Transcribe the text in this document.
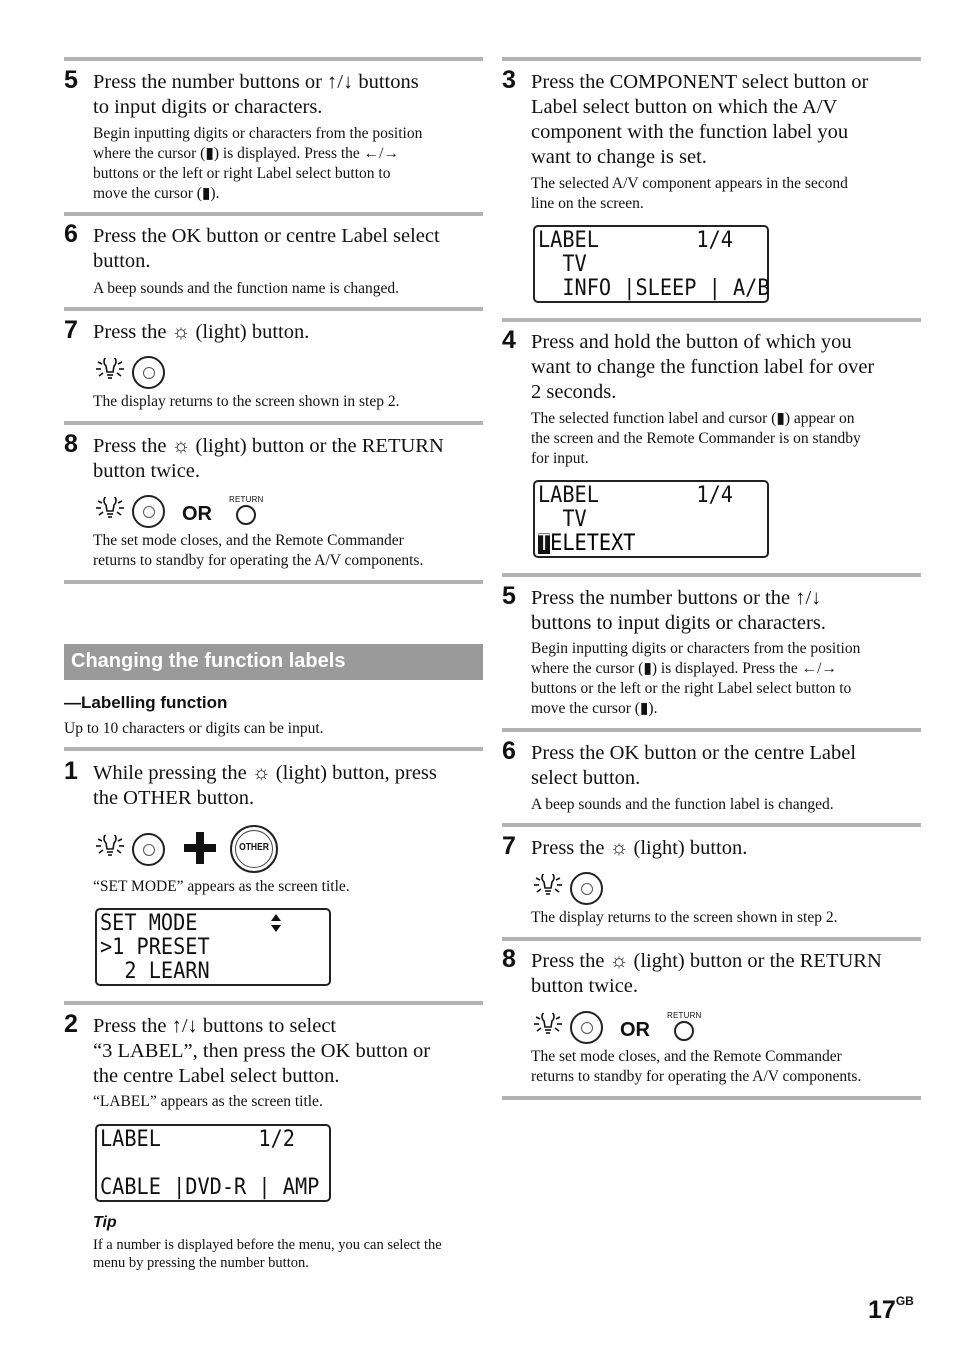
5 Press the number buttons or ↑/↓ buttons
to input digits or characters.
Begin inputting digits or characters from the position
where the cursor (▮) is displayed. Press the ←/→
buttons or the left or right Label select button to
move the cursor (▮).
6 Press the OK button or centre Label select
button.
A beep sounds and the function name is changed.
7 Press the ☼ (light) button.
The display returns to the screen shown in step 2.
8 Press the ☼ (light) button or the RETURN
button twice.
OR
RETURN
The set mode closes, and the Remote Commander
returns to standby for operating the A/V components.
Changing the function labels
—Labelling function
Up to 10 characters or digits can be input.
1 While pressing the ☼ (light) button, press
the OTHER button.
OTHER
“SET MODE” appears as the screen title.
SET MODE
>1 PRESET
2 LEARN
2 Press the ↑/↓ buttons to select
“3 LABEL”, then press the OK button or
the centre Label select button.
“LABEL” appears as the screen title.
LABEL        1/2
CABLE |DVD-R | AMP
Tip
If a number is displayed before the menu, you can select the
menu by pressing the number button.
3 Press the COMPONENT select button or
Label select button on which the A/V
component with the function label you
want to change is set.
The selected A/V component appears in the second
line on the screen.
LABEL        1/4
TV
INFO |SLEEP | A/B
4 Press and hold the button of which you
want to change the function label for over
2 seconds.
The selected function label and cursor (▮) appear on
the screen and the Remote Commander is on standby
for input.
LABEL        1/4
TV
TELETEXT
5 Press the number buttons or the ↑/↓
buttons to input digits or characters.
Begin inputting digits or characters from the position
where the cursor (▮) is displayed. Press the ←/→
buttons or the left or the right Label select button to
move the cursor (▮).
6 Press the OK button or the centre Label
select button.
A beep sounds and the function label is changed.
7 Press the ☼ (light) button.
The display returns to the screen shown in step 2.
8 Press the ☼ (light) button or the RETURN
button twice.
OR
RETURN
The set mode closes, and the Remote Commander
returns to standby for operating the A/V components.
$17^{GB}$
